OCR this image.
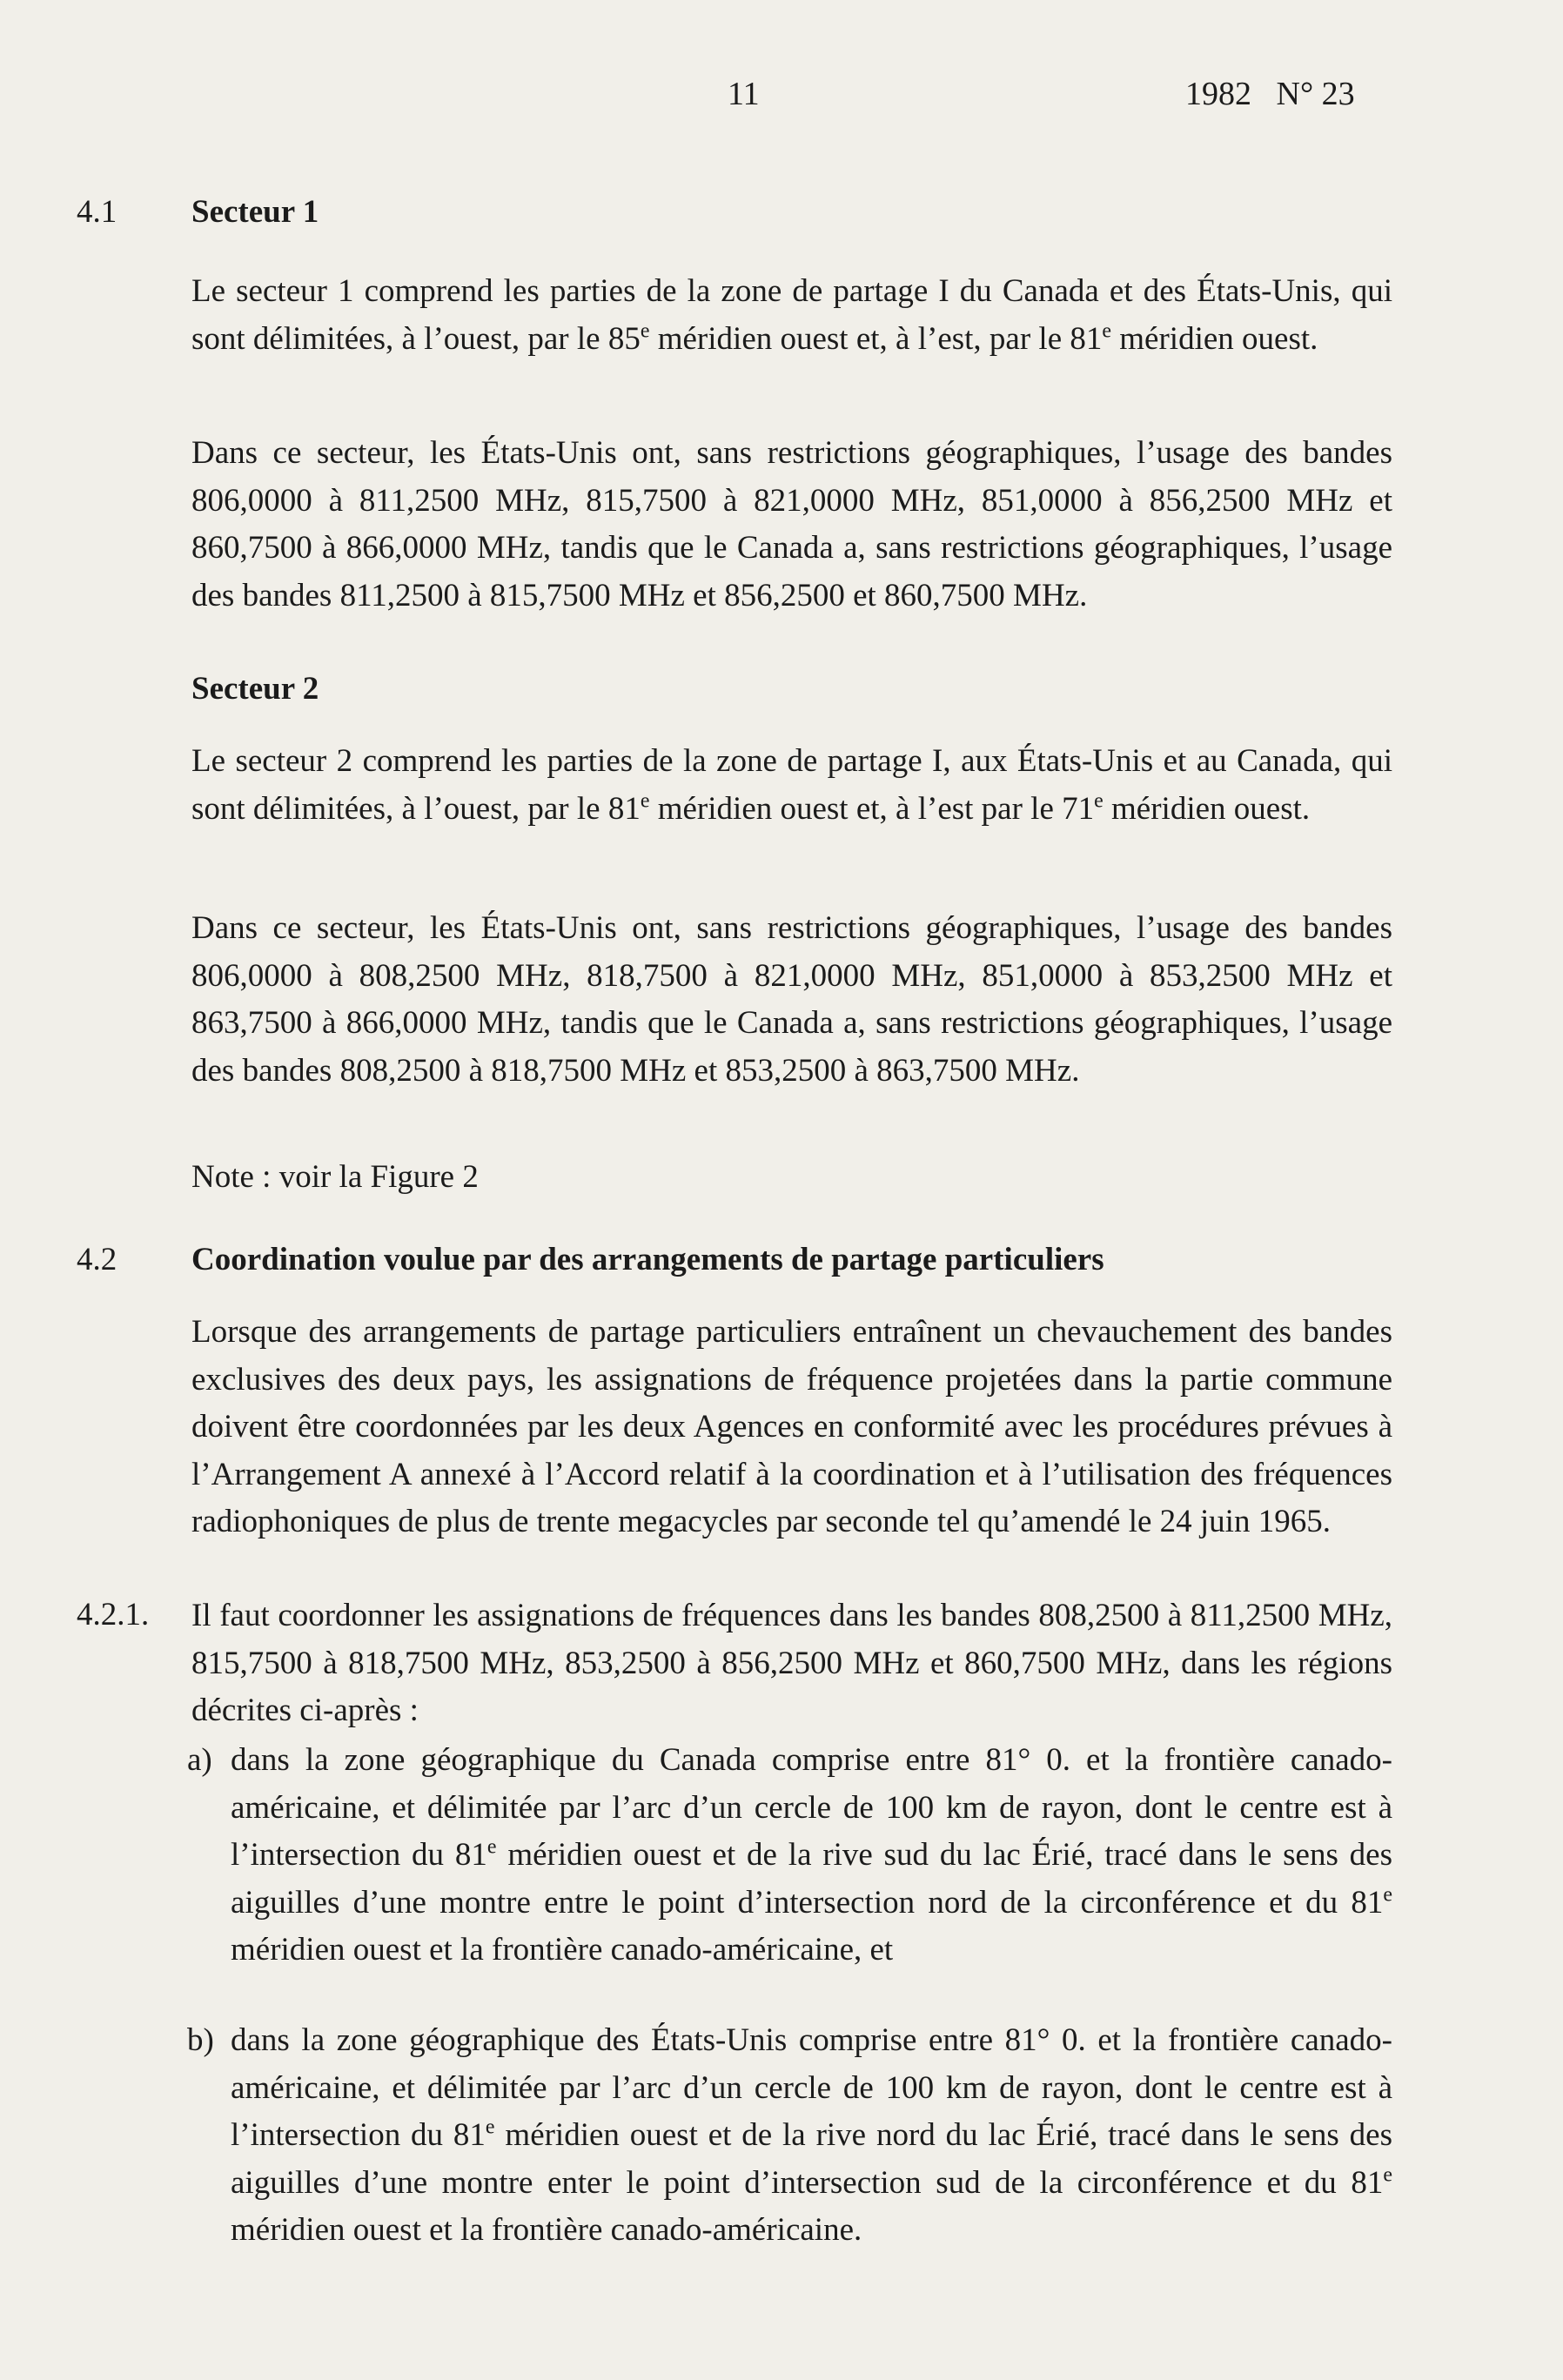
11	1982   N° 23
4.1 Secteur 1

Le secteur 1 comprend les parties de la zone de partage I du Canada et des États-Unis, qui sont délimitées, à l’ouest, par le 85e méridien ouest et, à l’est, par le 81e méridien ouest.

Dans ce secteur, les États-Unis ont, sans restrictions géographiques, l’usage des bandes 806,0000 à 811,2500 MHz, 815,7500 à 821,0000 MHz, 851,0000 à 856,2500 MHz et 860,7500 à 866,0000 MHz, tandis que le Canada a, sans restrictions géographiques, l’usage des bandes 811,2500 à 815,7500 MHz et 856,2500 et 860,7500 MHz.

Secteur 2

Le secteur 2 comprend les parties de la zone de partage I, aux États-Unis et au Canada, qui sont délimitées, à l’ouest, par le 81e méridien ouest et, à l’est par le 71e méridien ouest.

Dans ce secteur, les États-Unis ont, sans restrictions géographiques, l’usage des bandes 806,0000 à 808,2500 MHz, 818,7500 à 821,0000 MHz, 851,0000 à 853,2500 MHz et 863,7500 à 866,0000 MHz, tandis que le Canada a, sans restrictions géographiques, l’usage des bandes 808,2500 à 818,7500 MHz et 853,2500 à 863,7500 MHz.

Note : voir la Figure 2

4.2 Coordination voulue par des arrangements de partage particuliers

Lorsque des arrangements de partage particuliers entraînent un chevauchement des bandes exclusives des deux pays, les assignations de fréquence projetées dans la partie commune doivent être coordonnées par les deux Agences en conformité avec les procédures prévues à l’Arrangement A annexé à l’Accord relatif à la coordination et à l’utilisation des fréquences radiophoniques de plus de trente megacycles par seconde tel qu’amendé le 24 juin 1965.

4.2.1. Il faut coordonner les assignations de fréquences dans les bandes 808,2500 à 811,2500 MHz, 815,7500 à 818,7500 MHz, 853,2500 à 856,2500 MHz et 860,7500 MHz, dans les régions décrites ci-après :

a) dans la zone géographique du Canada comprise entre 81° 0. et la frontière canado-américaine, et délimitée par l’arc d’un cercle de 100 km de rayon, dont le centre est à l’intersection du 81e méridien ouest et de la rive sud du lac Érié, tracé dans le sens des aiguilles d’une montre entre le point d’intersection nord de la circonférence et du 81e méridien ouest et la frontière canado-américaine, et

b) dans la zone géographique des États-Unis comprise entre 81° 0. et la frontière canado-américaine, et délimitée par l’arc d’un cercle de 100 km de rayon, dont le centre est à l’intersection du 81e méridien ouest et de la rive nord du lac Érié, tracé dans le sens des aiguilles d’une montre enter le point d’intersection sud de la circonférence et du 81e méridien ouest et la frontière canado-américaine.
